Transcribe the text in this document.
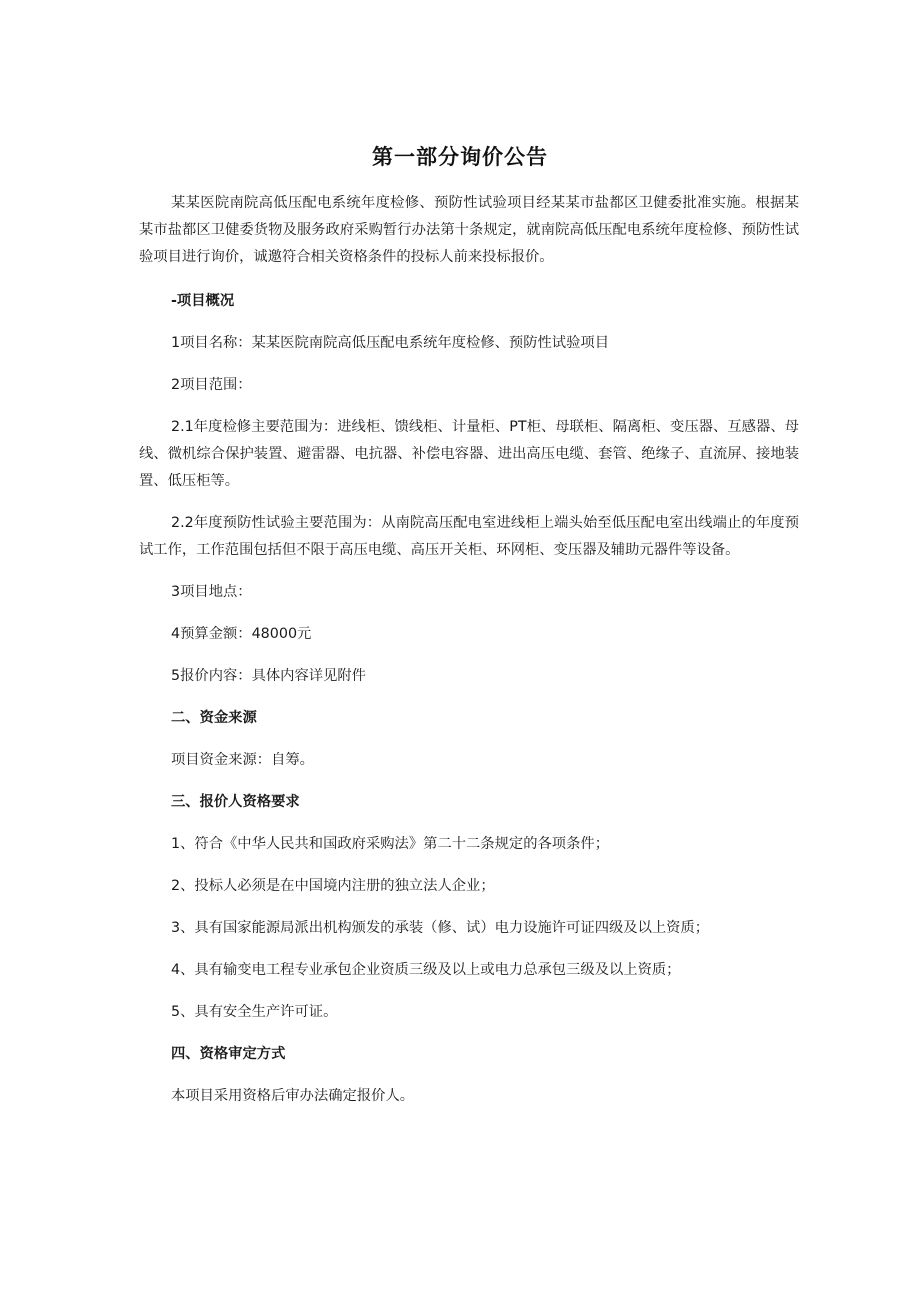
第一部分询价公告

某某医院南院高低压配电系统年度检修、预防性试验项目经某某市盐都区卫健委批准实施。根据某某市盐都区卫健委货物及服务政府采购暂行办法第十条规定，就南院高低压配电系统年度检修、预防性试验项目进行询价，诚邀符合相关资格条件的投标人前来投标报价。

-项目概况

1项目名称：某某医院南院高低压配电系统年度检修、预防性试验项目

2项目范围：

2.1年度检修主要范围为：进线柜、馈线柜、计量柜、PT柜、母联柜、隔离柜、变压器、互感器、母线、微机综合保护装置、避雷器、电抗器、补偿电容器、进出高压电缆、套管、绝缘子、直流屏、接地装置、低压柜等。

2.2年度预防性试验主要范围为：从南院高压配电室进线柜上端头始至低压配电室出线端止的年度预试工作，工作范围包括但不限于高压电缆、高压开关柜、环网柜、变压器及辅助元器件等设备。

3项目地点：

4预算金额：48000元

5报价内容：具体内容详见附件

二、资金来源

项目资金来源：自筹。

三、报价人资格要求

1、符合《中华人民共和国政府采购法》第二十二条规定的各项条件；

2、投标人必须是在中国境内注册的独立法人企业；

3、具有国家能源局派出机构颁发的承装（修、试）电力设施许可证四级及以上资质；

4、具有输变电工程专业承包企业资质三级及以上或电力总承包三级及以上资质；

5、具有安全生产许可证。

四、资格审定方式

本项目采用资格后审办法确定报价人。
